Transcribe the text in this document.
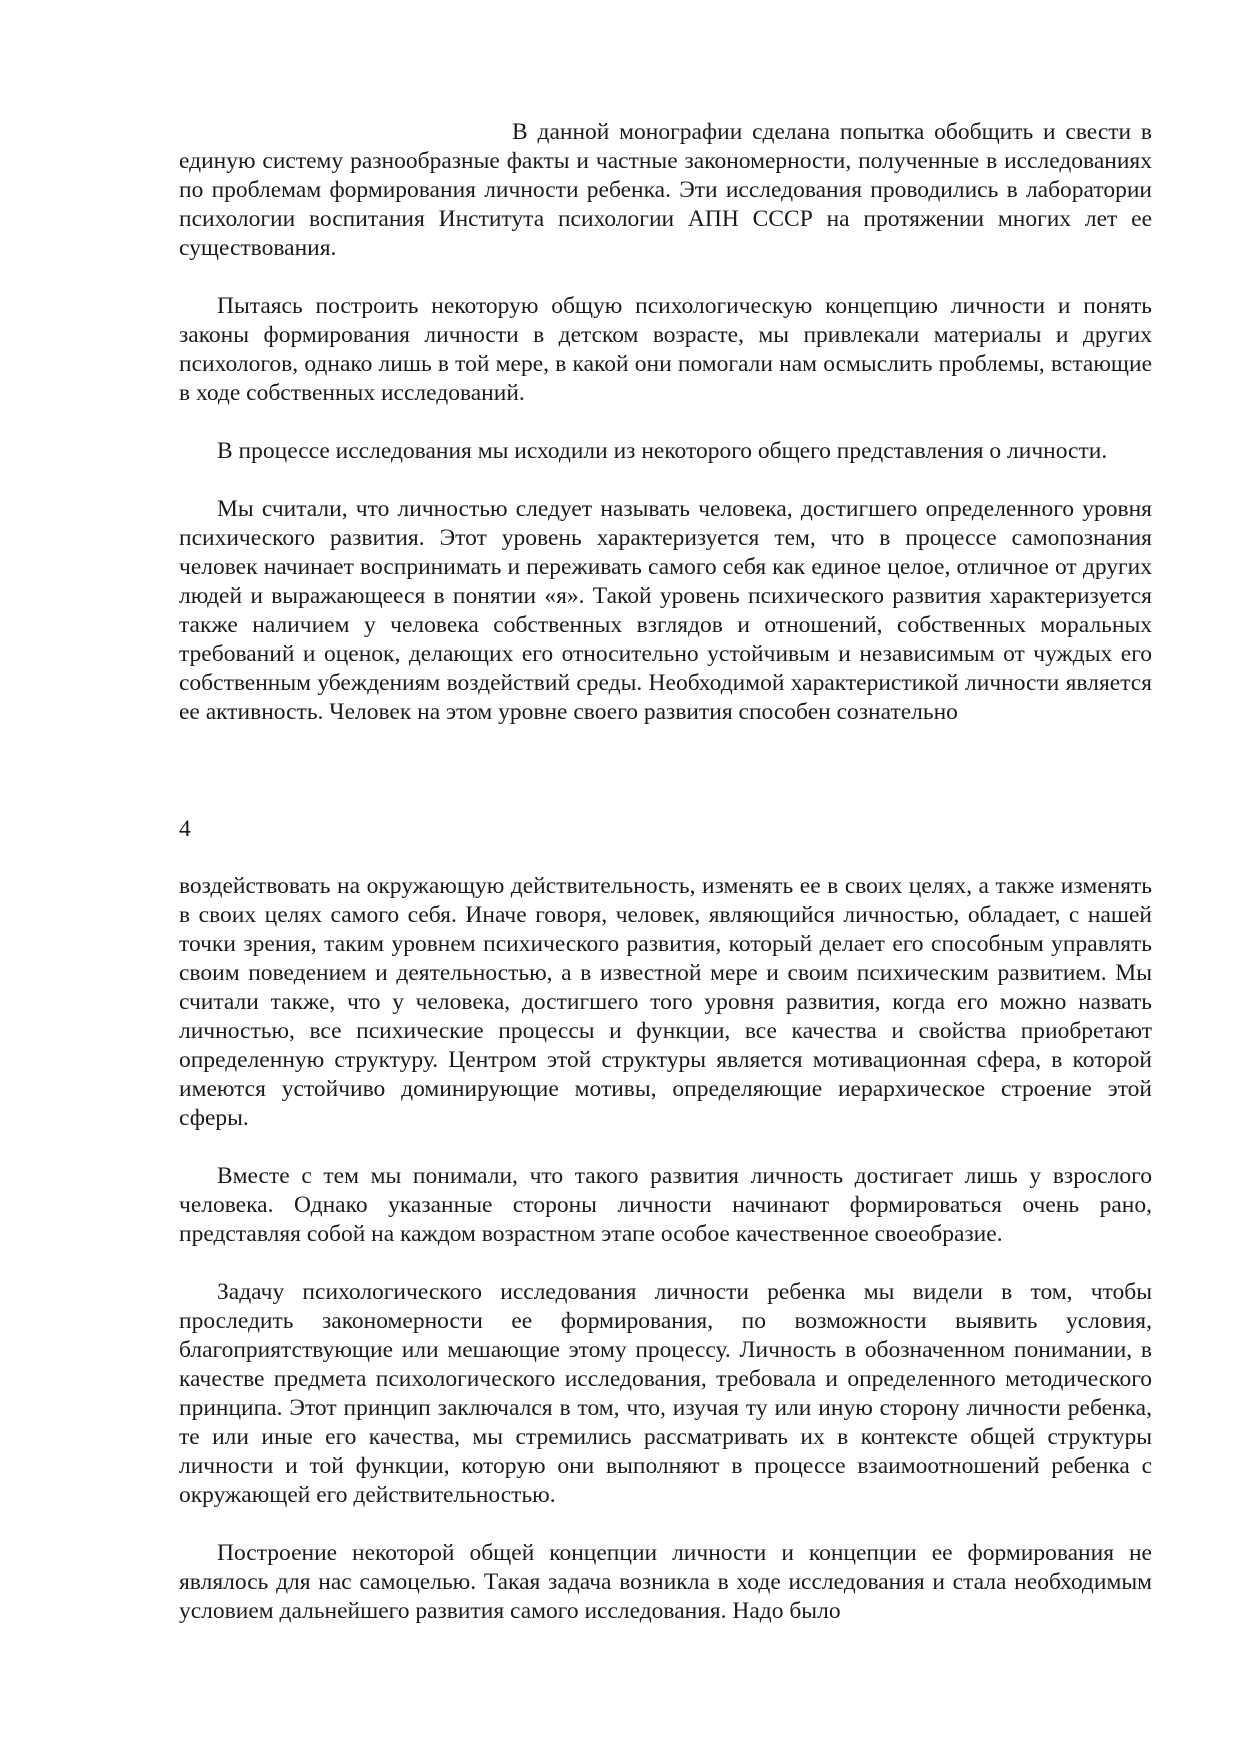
В данной монографии сделана попытка обобщить и свести в единую систему разнообразные факты и частные закономерности, полученные в исследованиях по проблемам формирования личности ребенка. Эти исследования проводились в лаборатории психологии воспитания Института психологии АПН СССР на протяжении многих лет ее существования.

Пытаясь построить некоторую общую психологическую концепцию личности и понять законы формирования личности в детском возрасте, мы привлекали материалы и других психологов, однако лишь в той мере, в какой они помогали нам осмыслить проблемы, встающие в ходе собственных исследований.

В процессе исследования мы исходили из некоторого общего представления о личности.

Мы считали, что личностью следует называть человека, достигшего определенного уровня психического развития. Этот уровень характеризуется тем, что в процессе самопознания человек начинает воспринимать и переживать самого себя как единое целое, отличное от других людей и выражающееся в понятии «я». Такой уровень психического развития характеризуется также наличием у человека собственных взглядов и отношений, собственных моральных требований и оценок, делающих его относительно устойчивым и независимым от чуждых его собственным убеждениям воздействий среды. Необходимой характеристикой личности является ее активность. Человек на этом уровне своего развития способен сознательно

4

воздействовать на окружающую действительность, изменять ее в своих целях, а также изменять в своих целях самого себя. Иначе говоря, человек, являющийся личностью, обладает, с нашей точки зрения, таким уровнем психического развития, который делает его способным управлять своим поведением и деятельностью, а в известной мере и своим психическим развитием. Мы считали также, что у человека, достигшего того уровня развития, когда его можно назвать личностью, все психические процессы и функции, все качества и свойства приобретают определенную структуру. Центром этой структуры является мотивационная сфера, в которой имеются устойчиво доминирующие мотивы, определяющие иерархическое строение этой сферы.

Вместе с тем мы понимали, что такого развития личность достигает лишь у взрослого человека. Однако указанные стороны личности начинают формироваться очень рано, представляя собой на каждом возрастном этапе особое качественное своеобразие.

Задачу психологического исследования личности ребенка мы видели в том, чтобы проследить закономерности ее формирования, по возможности выявить условия, благоприятствующие или мешающие этому процессу. Личность в обозначенном понимании, в качестве предмета психологического исследования, требовала и определенного методического принципа. Этот принцип заключался в том, что, изучая ту или иную сторону личности ребенка, те или иные его качества, мы стремились рассматривать их в контексте общей структуры личности и той функции, которую они выполняют в процессе взаимоотношений ребенка с окружающей его действительностью.

Построение некоторой общей концепции личности и концепции ее формирования не являлось для нас самоцелью. Такая задача возникла в ходе исследования и стала необходимым условием дальнейшего развития самого исследования. Надо было
